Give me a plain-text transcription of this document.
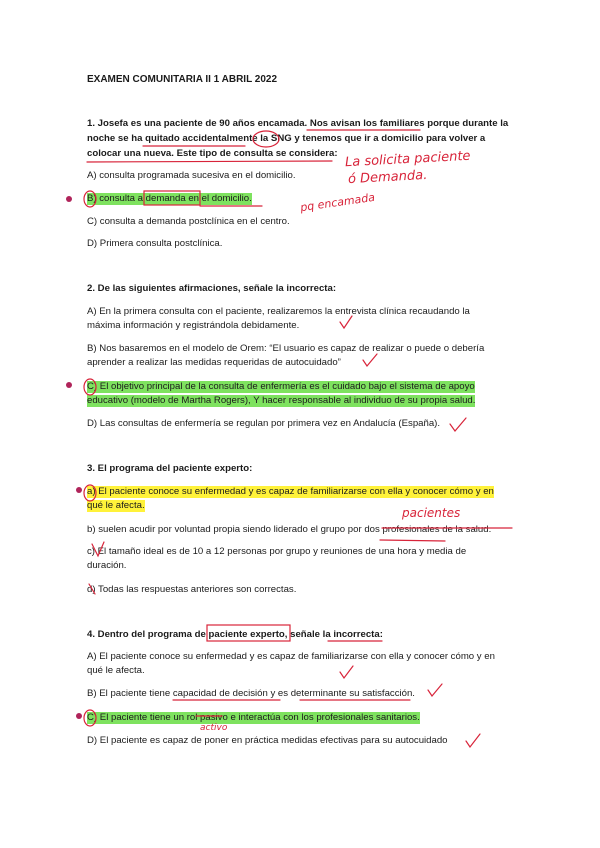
EXAMEN COMUNITARIA II 1 ABRIL 2022
1. Josefa es una paciente de 90 años encamada. Nos avisan los familiares porque durante la
noche se ha quitado accidentalmente la SNG y tenemos que ir a domicilio para volver a
colocar una nueva. Este tipo de consulta se considera:
A) consulta programada sucesiva en el domicilio.
B) consulta a demanda en el domicilio.
C) consulta a demanda postclínica en el centro.
D) Primera consulta postclínica.
2. De las siguientes afirmaciones, señale la incorrecta:
A) En la primera consulta con el paciente, realizaremos la entrevista clínica recaudando la
máxima información y registrándola debidamente.
B) Nos basaremos en el modelo de Orem: “El usuario es capaz de realizar o puede o debería
aprender a realizar las medidas requeridas de autocuidado”
C) El objetivo principal de la consulta de enfermería es el cuidado bajo el sistema de apoyo
educativo (modelo de Martha Rogers), Y hacer responsable al individuo de su propia salud.
D) Las consultas de enfermería se regulan por primera vez en Andalucía (España).
3. El programa del paciente experto:
a) El paciente conoce su enfermedad y es capaz de familiarizarse con ella y conocer cómo y en
qué le afecta.
b) suelen acudir por voluntad propia siendo liderado el grupo por dos profesionales de la salud.
c) El tamaño ideal es de 10 a 12 personas por grupo y reuniones de una hora y media de
duración.
d) Todas las respuestas anteriores son correctas.
4. Dentro del programa de paciente experto, señale la incorrecta:
A) El paciente conoce su enfermedad y es capaz de familiarizarse con ella y conocer cómo y en
qué le afecta.
B) El paciente tiene capacidad de decisión y es determinante su satisfacción.
C) El paciente tiene un rol pasivo e interactúa con los profesionales sanitarios.
D) El paciente es capaz de poner en práctica medidas efectivas para su autocuidado
La solicita paciente
ó Demanda.
pq encamada
pacientes
activo
